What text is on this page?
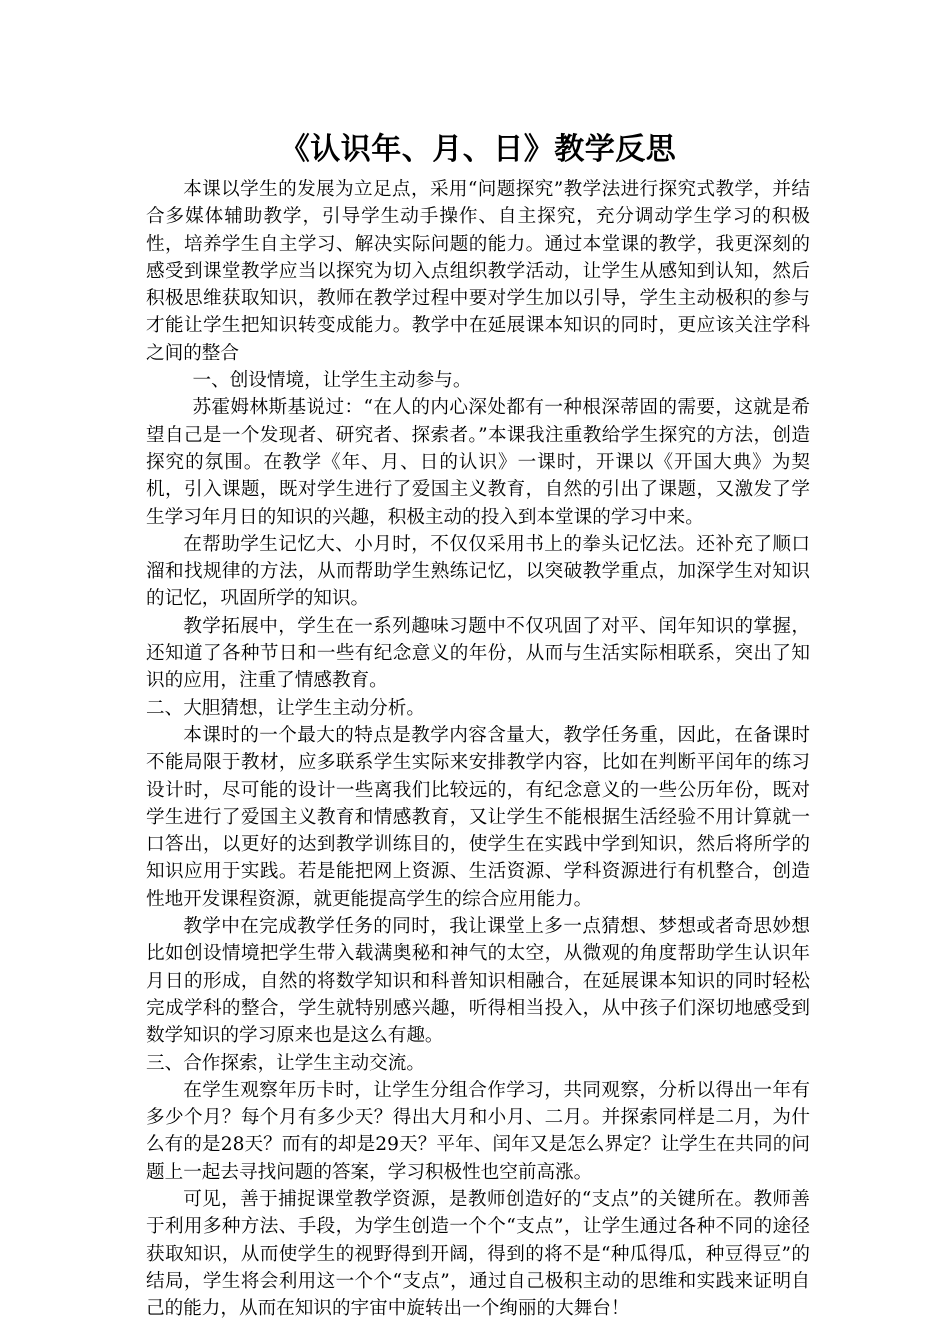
《认识年、月、日》教学反思

本课以学生的发展为立足点，采用“问题探究”教学法进行探究式教学，并结合多媒体辅助教学，引导学生动手操作、自主探究，充分调动学生学习的积极性，培养学生自主学习、解决实际问题的能力。通过本堂课的教学，我更深刻的感受到课堂教学应当以探究为切入点组织教学活动，让学生从感知到认知，然后积极思维获取知识，教师在教学过程中要对学生加以引导，学生主动极积的参与才能让学生把知识转变成能力。教学中在延展课本知识的同时，更应该关注学科之间的整合

一、创设情境，让学生主动参与。

苏霍姆林斯基说过：“在人的内心深处都有一种根深蒂固的需要，这就是希望自己是一个发现者、研究者、探索者。”本课我注重教给学生探究的方法，创造探究的氛围。在教学《年、月、日的认识》一课时，开课以《开国大典》为契机，引入课题，既对学生进行了爱国主义教育，自然的引出了课题，又激发了学生学习年月日的知识的兴趣，积极主动的投入到本堂课的学习中来。

在帮助学生记忆大、小月时，不仅仅采用书上的拳头记忆法。还补充了顺口溜和找规律的方法，从而帮助学生熟练记忆，以突破教学重点，加深学生对知识的记忆，巩固所学的知识。

教学拓展中，学生在一系列趣味习题中不仅巩固了对平、闰年知识的掌握，还知道了各种节日和一些有纪念意义的年份，从而与生活实际相联系，突出了知识的应用，注重了情感教育。

二、大胆猜想，让学生主动分析。

本课时的一个最大的特点是教学内容含量大，教学任务重，因此，在备课时不能局限于教材，应多联系学生实际来安排教学内容，比如在判断平闰年的练习设计时，尽可能的设计一些离我们比较远的，有纪念意义的一些公历年份，既对学生进行了爱国主义教育和情感教育，又让学生不能根据生活经验不用计算就一口答出，以更好的达到教学训练目的，使学生在实践中学到知识，然后将所学的知识应用于实践。若是能把网上资源、生活资源、学科资源进行有机整合，创造性地开发课程资源，就更能提高学生的综合应用能力。

教学中在完成教学任务的同时，我让课堂上多一点猜想、梦想或者奇思妙想比如创设情境把学生带入载满奥秘和神气的太空，从微观的角度帮助学生认识年月日的形成，自然的将数学知识和科普知识相融合，在延展课本知识的同时轻松完成学科的整合，学生就特别感兴趣，听得相当投入，从中孩子们深切地感受到数学知识的学习原来也是这么有趣。

三、合作探索，让学生主动交流。

在学生观察年历卡时，让学生分组合作学习，共同观察，分析以得出一年有多少个月？每个月有多少天？得出大月和小月、二月。并探索同样是二月，为什么有的是28天？而有的却是29天？平年、闰年又是怎么界定？让学生在共同的问题上一起去寻找问题的答案，学习积极性也空前高涨。

可见，善于捕捉课堂教学资源，是教师创造好的“支点”的关键所在。教师善于利用多种方法、手段，为学生创造一个个“支点”，让学生通过各种不同的途径获取知识，从而使学生的视野得到开阔，得到的将不是“种瓜得瓜，种豆得豆”的结局，学生将会利用这一个个“支点”，通过自己极积主动的思维和实践来证明自己的能力，从而在知识的宇宙中旋转出一个绚丽的大舞台！
